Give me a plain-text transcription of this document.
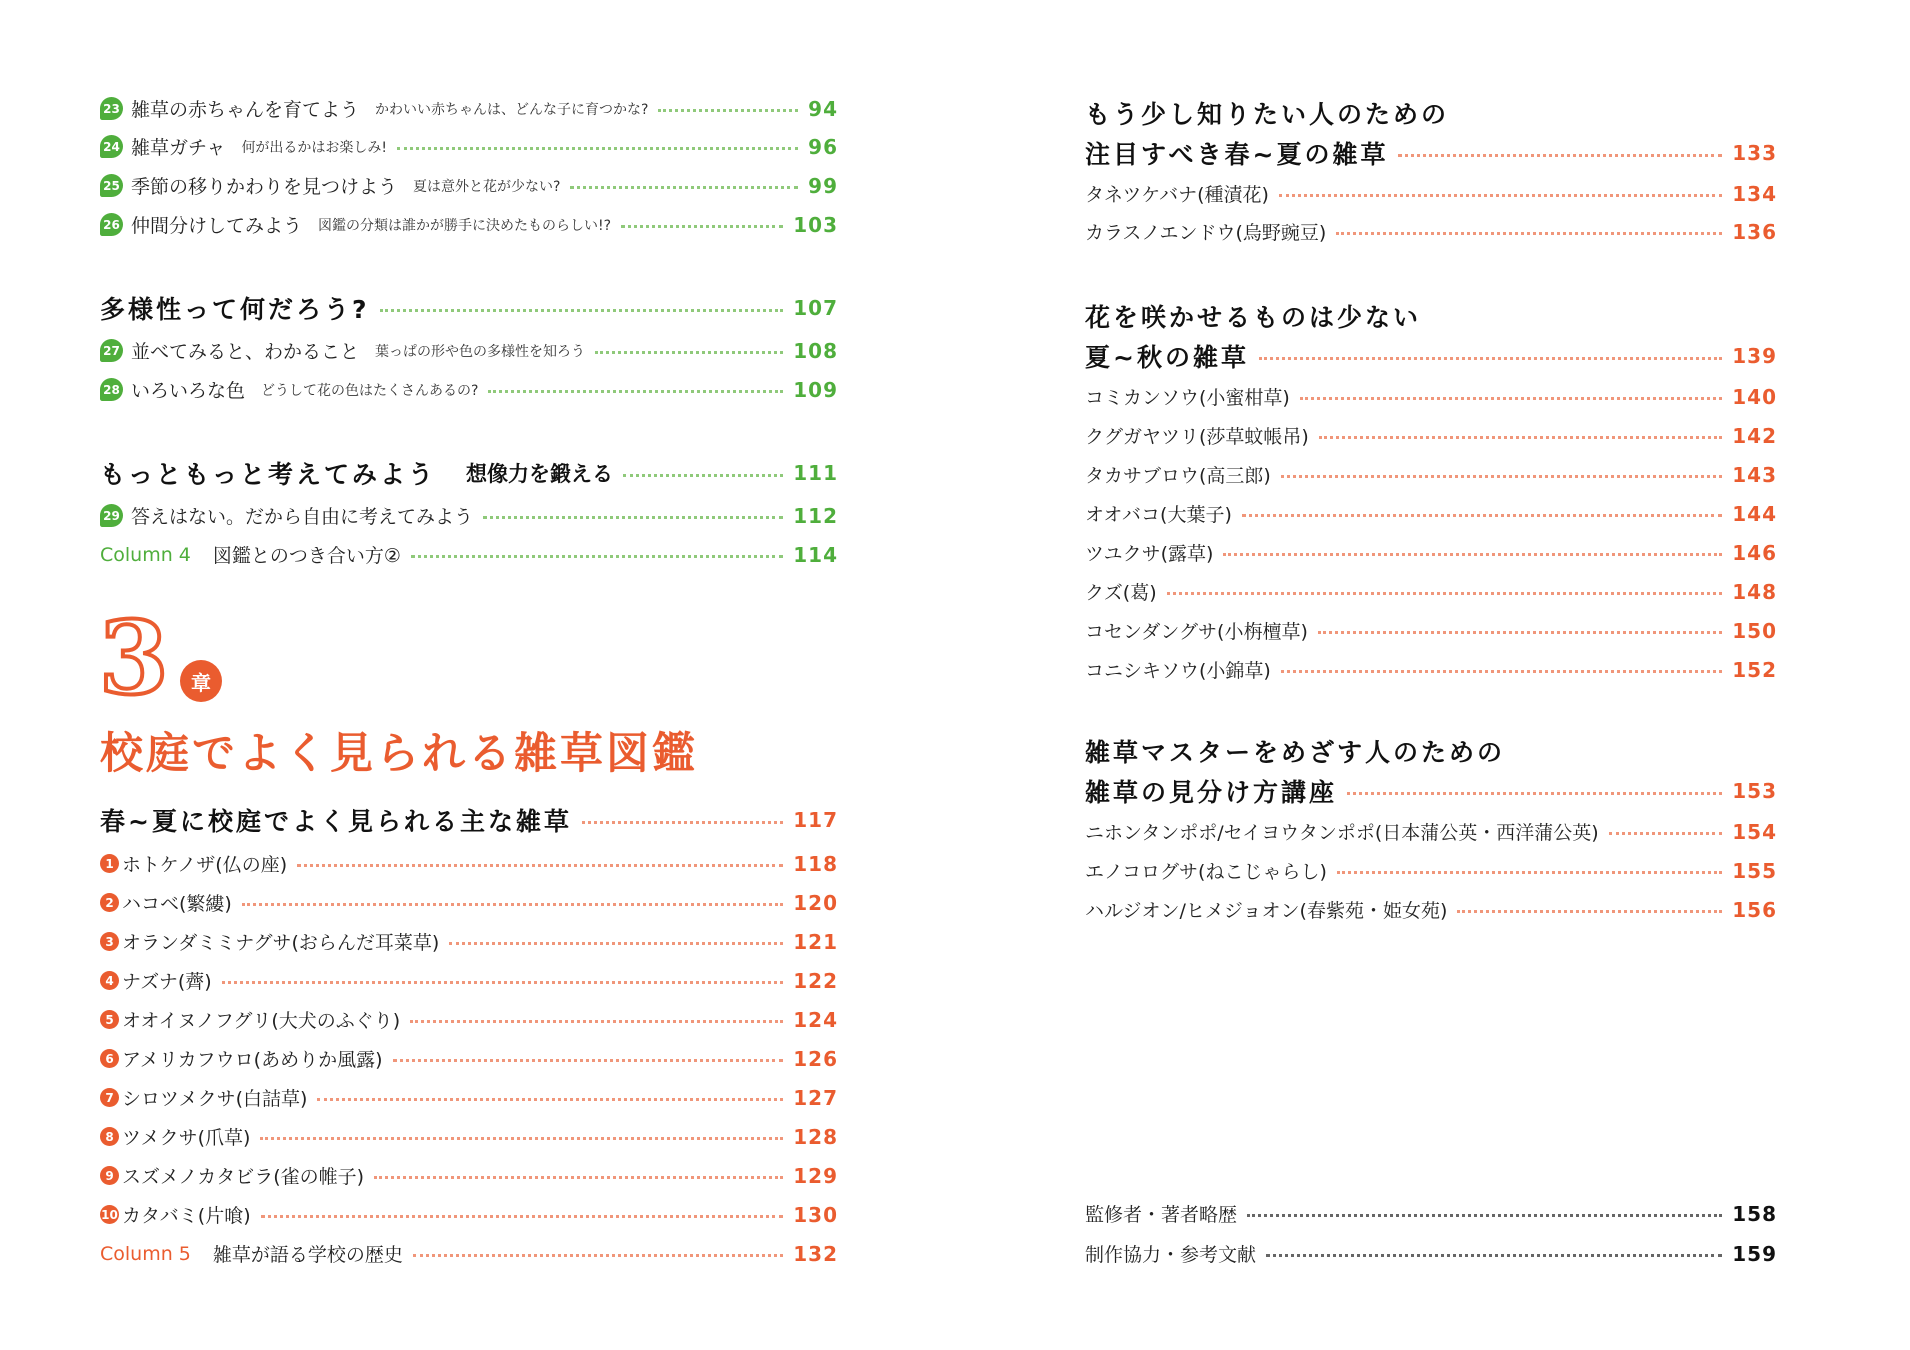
23 雑草の赤ちゃんを育てよう かわいい赤ちゃんは、どんな子に育つかな?	94
24 雑草ガチャ 何が出るかはお楽しみ!	96
25 季節の移りかわりを見つけよう 夏は意外と花が少ない?	99
26 仲間分けしてみよう 図鑑の分類は誰かが勝手に決めたものらしい!?	103
多様性って何だろう?	107
27 並べてみると、わかること 葉っぱの形や色の多様性を知ろう	108
28 いろいろな色 どうして花の色はたくさんあるの?	109
もっともっと考えてみよう 想像力を鍛える	111
29 答えはない。だから自由に考えてみよう	112
Column 4 図鑑とのつき合い方②	114
3	章
校庭でよく見られる雑草図鑑
春~夏に校庭でよく見られる主な雑草	117
1 ホトケノザ(仏の座)	118
2 ハコベ(繁縷)	120
3 オランダミミナグサ(おらんだ耳菜草)	121
4 ナズナ(薺)	122
5 オオイヌノフグリ(大犬のふぐり)	124
6 アメリカフウロ(あめりか風露)	126
7 シロツメクサ(白詰草)	127
8 ツメクサ(爪草)	128
9 スズメノカタビラ(雀の帷子)	129
10 カタバミ(片喰)	130
Column 5 雑草が語る学校の歴史	132
もう少し知りたい人のための
注目すべき春~夏の雑草	133
タネツケバナ(種漬花)	134
カラスノエンドウ(烏野豌豆)	136
花を咲かせるものは少ない
夏~秋の雑草	139
コミカンソウ(小蜜柑草)	140
クグガヤツリ(莎草蚊帳吊)	142
タカサブロウ(高三郎)	143
オオバコ(大葉子)	144
ツユクサ(露草)	146
クズ(葛)	148
コセンダングサ(小栴檀草)	150
コニシキソウ(小錦草)	152
雑草マスターをめざす人のための
雑草の見分け方講座	153
ニホンタンポポ/セイヨウタンポポ(日本蒲公英・西洋蒲公英)	154
エノコログサ(ねこじゃらし)	155
ハルジオン/ヒメジョオン(春紫苑・姫女苑)	156
監修者・著者略歴	158
制作協力・参考文献	159
